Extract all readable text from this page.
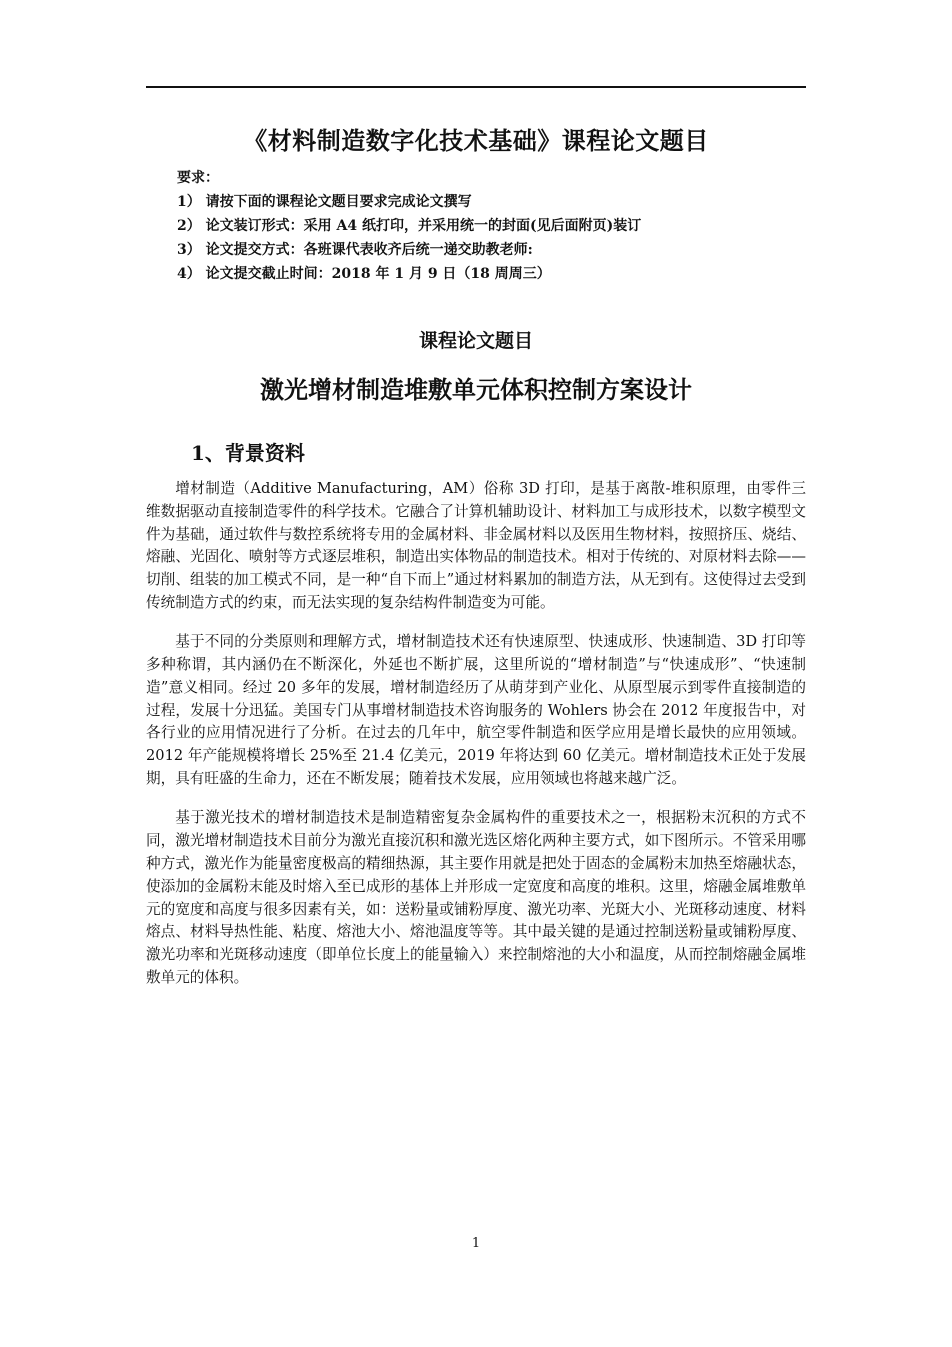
《材料制造数字化技术基础》课程论文题目
要求：
1） 请按下面的课程论文题目要求完成论文撰写
2） 论文装订形式：采用 A4 纸打印，并采用统一的封面(见后面附页)装订
3） 论文提交方式：各班课代表收齐后统一递交助教老师:
4） 论文提交截止时间：2018 年 1 月 9 日（18 周周三）
课程论文题目
激光增材制造堆敷单元体积控制方案设计
1、背景资料

增材制造（Additive Manufacturing，AM）俗称 3D 打印，是基于离散-堆积原理，由零件三维数据驱动直接制造零件的科学技术。它融合了计算机辅助设计、材料加工与成形技术，以数字模型文件为基础，通过软件与数控系统将专用的金属材料、非金属材料以及医用生物材料，按照挤压、烧结、熔融、光固化、喷射等方式逐层堆积，制造出实体物品的制造技术。相对于传统的、对原材料去除——切削、组装的加工模式不同，是一种“自下而上”通过材料累加的制造方法，从无到有。这使得过去受到传统制造方式的约束，而无法实现的复杂结构件制造变为可能。

基于不同的分类原则和理解方式，增材制造技术还有快速原型、快速成形、快速制造、3D 打印等多种称谓，其内涵仍在不断深化，外延也不断扩展，这里所说的“增材制造”与“快速成形”、“快速制造”意义相同。经过 20 多年的发展，增材制造经历了从萌芽到产业化、从原型展示到零件直接制造的过程，发展十分迅猛。美国专门从事增材制造技术咨询服务的 Wohlers 协会在 2012 年度报告中，对各行业的应用情况进行了分析。在过去的几年中，航空零件制造和医学应用是增长最快的应用领域。2012 年产能规模将增长 25%至 21.4 亿美元，2019 年将达到 60 亿美元。增材制造技术正处于发展期，具有旺盛的生命力，还在不断发展；随着技术发展，应用领域也将越来越广泛。

基于激光技术的增材制造技术是制造精密复杂金属构件的重要技术之一，根据粉末沉积的方式不同，激光增材制造技术目前分为激光直接沉积和激光选区熔化两种主要方式，如下图所示。不管采用哪种方式，激光作为能量密度极高的精细热源，其主要作用就是把处于固态的金属粉末加热至熔融状态，使添加的金属粉末能及时熔入至已成形的基体上并形成一定宽度和高度的堆积。这里，熔融金属堆敷单元的宽度和高度与很多因素有关，如：送粉量或铺粉厚度、激光功率、光斑大小、光斑移动速度、材料熔点、材料导热性能、粘度、熔池大小、熔池温度等等。其中最关键的是通过控制送粉量或铺粉厚度、激光功率和光斑移动速度（即单位长度上的能量输入）来控制熔池的大小和温度，从而控制熔融金属堆敷单元的体积。

1
